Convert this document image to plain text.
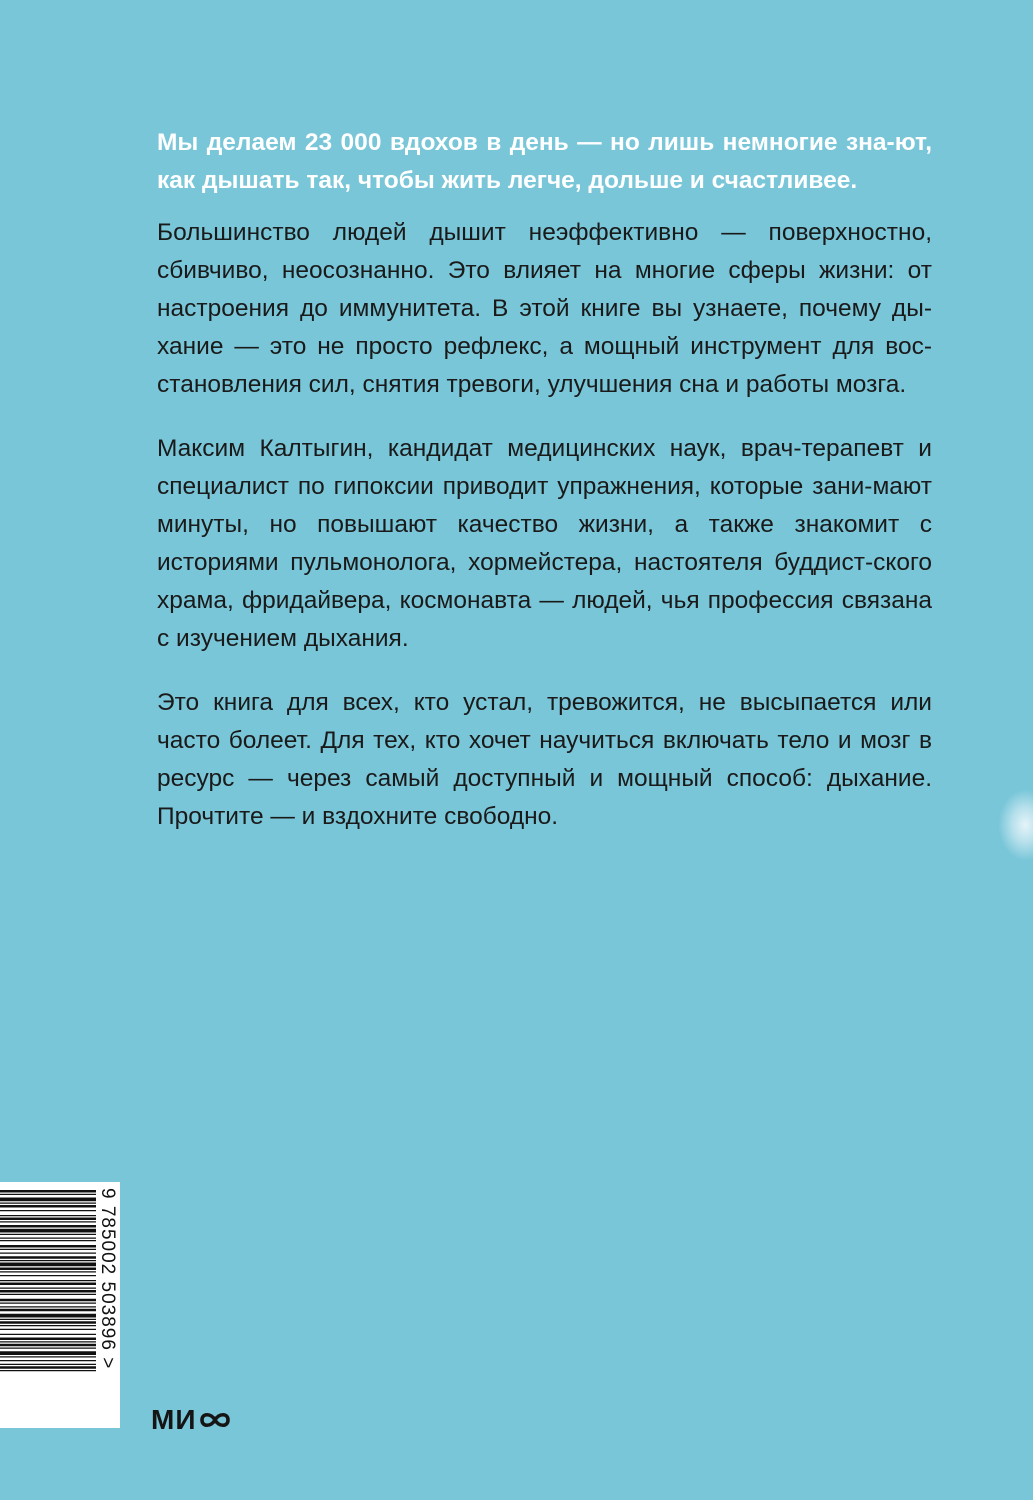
Мы делаем 23 000 вдохов в день — но лишь немногие зна-ют, как дышать так, чтобы жить легче, дольше и счастливее.

Большинство людей дышит неэффективно — поверхностно, сбивчиво, неосознанно. Это влияет на многие сферы жизни: от настроения до иммунитета. В этой книге вы узнаете, почему ды-хание — это не просто рефлекс, а мощный инструмент для вос-становления сил, снятия тревоги, улучшения сна и работы мозга.

Максим Калтыгин, кандидат медицинских наук, врач-терапевт и специалист по гипоксии приводит упражнения, которые зани-мают минуты, но повышают качество жизни, а также знакомит с историями пульмонолога, хормейстера, настоятеля буддист-ского храма, фридайвера, космонавта — людей, чья профессия связана с изучением дыхания.

Это книга для всех, кто устал, тревожится, не высыпается или часто болеет. Для тех, кто хочет научиться включать тело и мозг в ресурс — через самый доступный и мощный способ: дыхание. Прочтите — и вздохните свободно.

9 785002 503896 >
МИ
